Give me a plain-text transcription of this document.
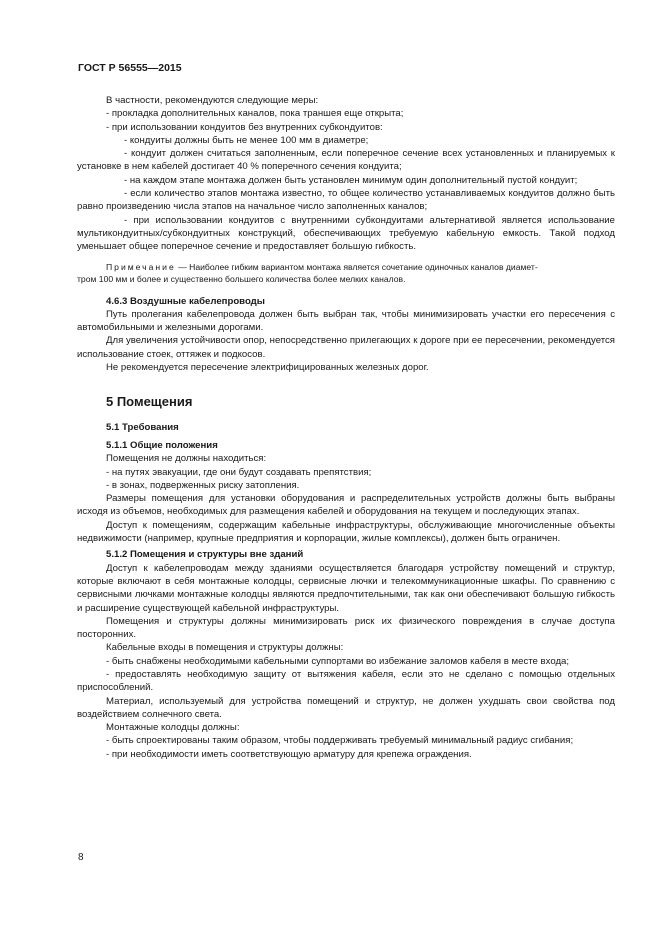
ГОСТ Р 56555—2015
В частности, рекомендуются следующие меры:
- прокладка дополнительных каналов, пока траншея еще открыта;
- при использовании кондуитов без внутренних субкондуитов:
- кондуиты должны быть не менее 100 мм в диаметре;
- кондуит должен считаться заполненным, если поперечное сечение всех установленных и планируемых к установке в нем кабелей достигает 40 % поперечного сечения кондуита;
- на каждом этапе монтажа должен быть установлен минимум один дополнительный пустой кондуит;
- если количество этапов монтажа известно, то общее количество устанавливаемых кондуитов должно быть равно произведению числа этапов на начальное число заполненных каналов;
- при использовании кондуитов с внутренними субкондуитами альтернативой является использование мультикондуитных/субкондуитных конструкций, обеспечивающих требуемую кабельную емкость. Такой подход уменьшает общее поперечное сечение и предоставляет большую гибкость.
Примечание — Наиболее гибким вариантом монтажа является сочетание одиночных каналов диамет-
тром 100 мм и более и существенно большего количества более мелких каналов.
4.6.3 Воздушные кабелепроводы
Путь пролегания кабелепровода должен быть выбран так, чтобы минимизировать участки его пересечения с автомобильными и железными дорогами.
Для увеличения устойчивости опор, непосредственно прилегающих к дороге при ее пересечении, рекомендуется использование стоек, оттяжек и подкосов.
Не рекомендуется пересечение электрифицированных железных дорог.
5 Помещения
5.1 Требования
5.1.1 Общие положения
Помещения не должны находиться:
- на путях эвакуации, где они будут создавать препятствия;
- в зонах, подверженных риску затопления.
Размеры помещения для установки оборудования и распределительных устройств должны быть выбраны исходя из объемов, необходимых для размещения кабелей и оборудования на текущем и последующих этапах.
Доступ к помещениям, содержащим кабельные инфраструктуры, обслуживающие многочисленные объекты недвижимости (например, крупные предприятия и корпорации, жилые комплексы), должен быть ограничен.
5.1.2 Помещения и структуры вне зданий
Доступ к кабелепроводам между зданиями осуществляется благодаря устройству помещений и структур, которые включают в себя монтажные колодцы, сервисные лючки и телекоммуникационные шкафы. По сравнению с сервисными лючками монтажные колодцы являются предпочтительными, так как они обеспечивают большую гибкость и расширение существующей кабельной инфраструктуры.
Помещения и структуры должны минимизировать риск их физического повреждения в случае доступа посторонних.
Кабельные входы в помещения и структуры должны:
- быть снабжены необходимыми кабельными суппортами во избежание заломов кабеля в месте входа;
- предоставлять необходимую защиту от вытяжения кабеля, если это не сделано с помощью отдельных приспособлений.
Материал, используемый для устройства помещений и структур, не должен ухудшать свои свойства под воздействием солнечного света.
Монтажные колодцы должны:
- быть спроектированы таким образом, чтобы поддерживать требуемый минимальный радиус сгибания;
- при необходимости иметь соответствующую арматуру для крепежа ограждения.
8
